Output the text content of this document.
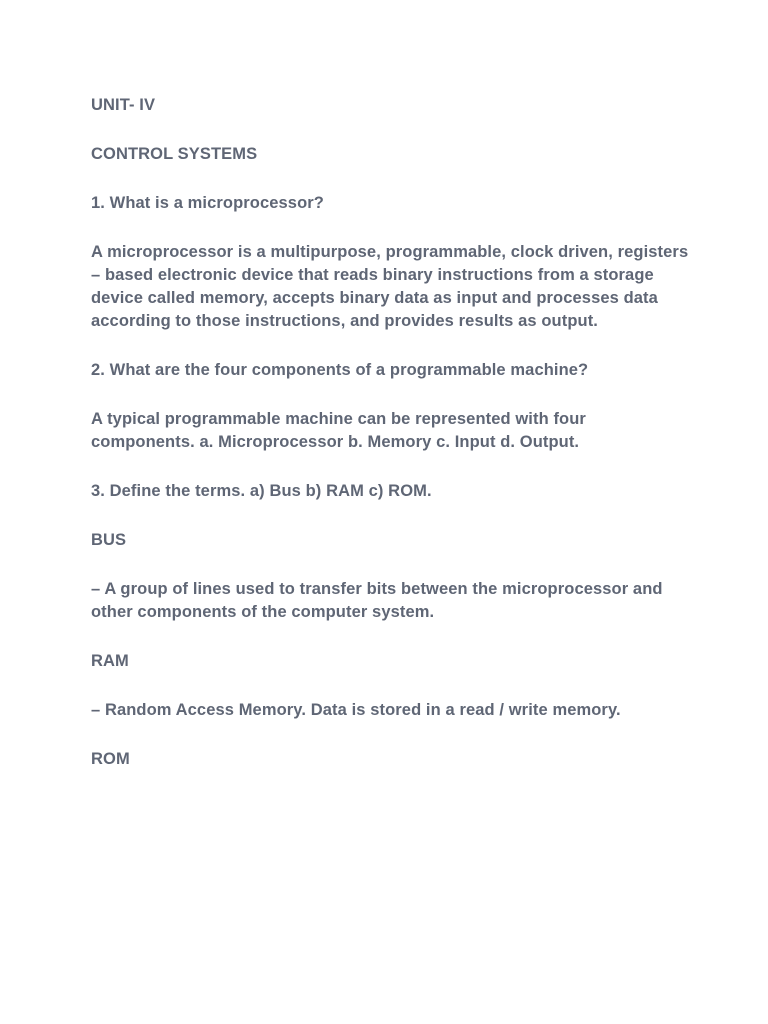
UNIT- IV

CONTROL SYSTEMS

1. What is a microprocessor?

A microprocessor is a multipurpose, programmable, clock driven, registers – based electronic device that reads binary instructions from a storage device called memory, accepts binary data as input and processes data according to those instructions, and provides results as output.

2. What are the four components of a programmable machine?

A typical programmable machine can be represented with four components. a. Microprocessor b. Memory c. Input d. Output.

3. Define the terms. a) Bus b) RAM c) ROM.

BUS

– A group of lines used to transfer bits between the microprocessor and other components of the computer system.

RAM

– Random Access Memory. Data is stored in a read / write memory.

ROM
